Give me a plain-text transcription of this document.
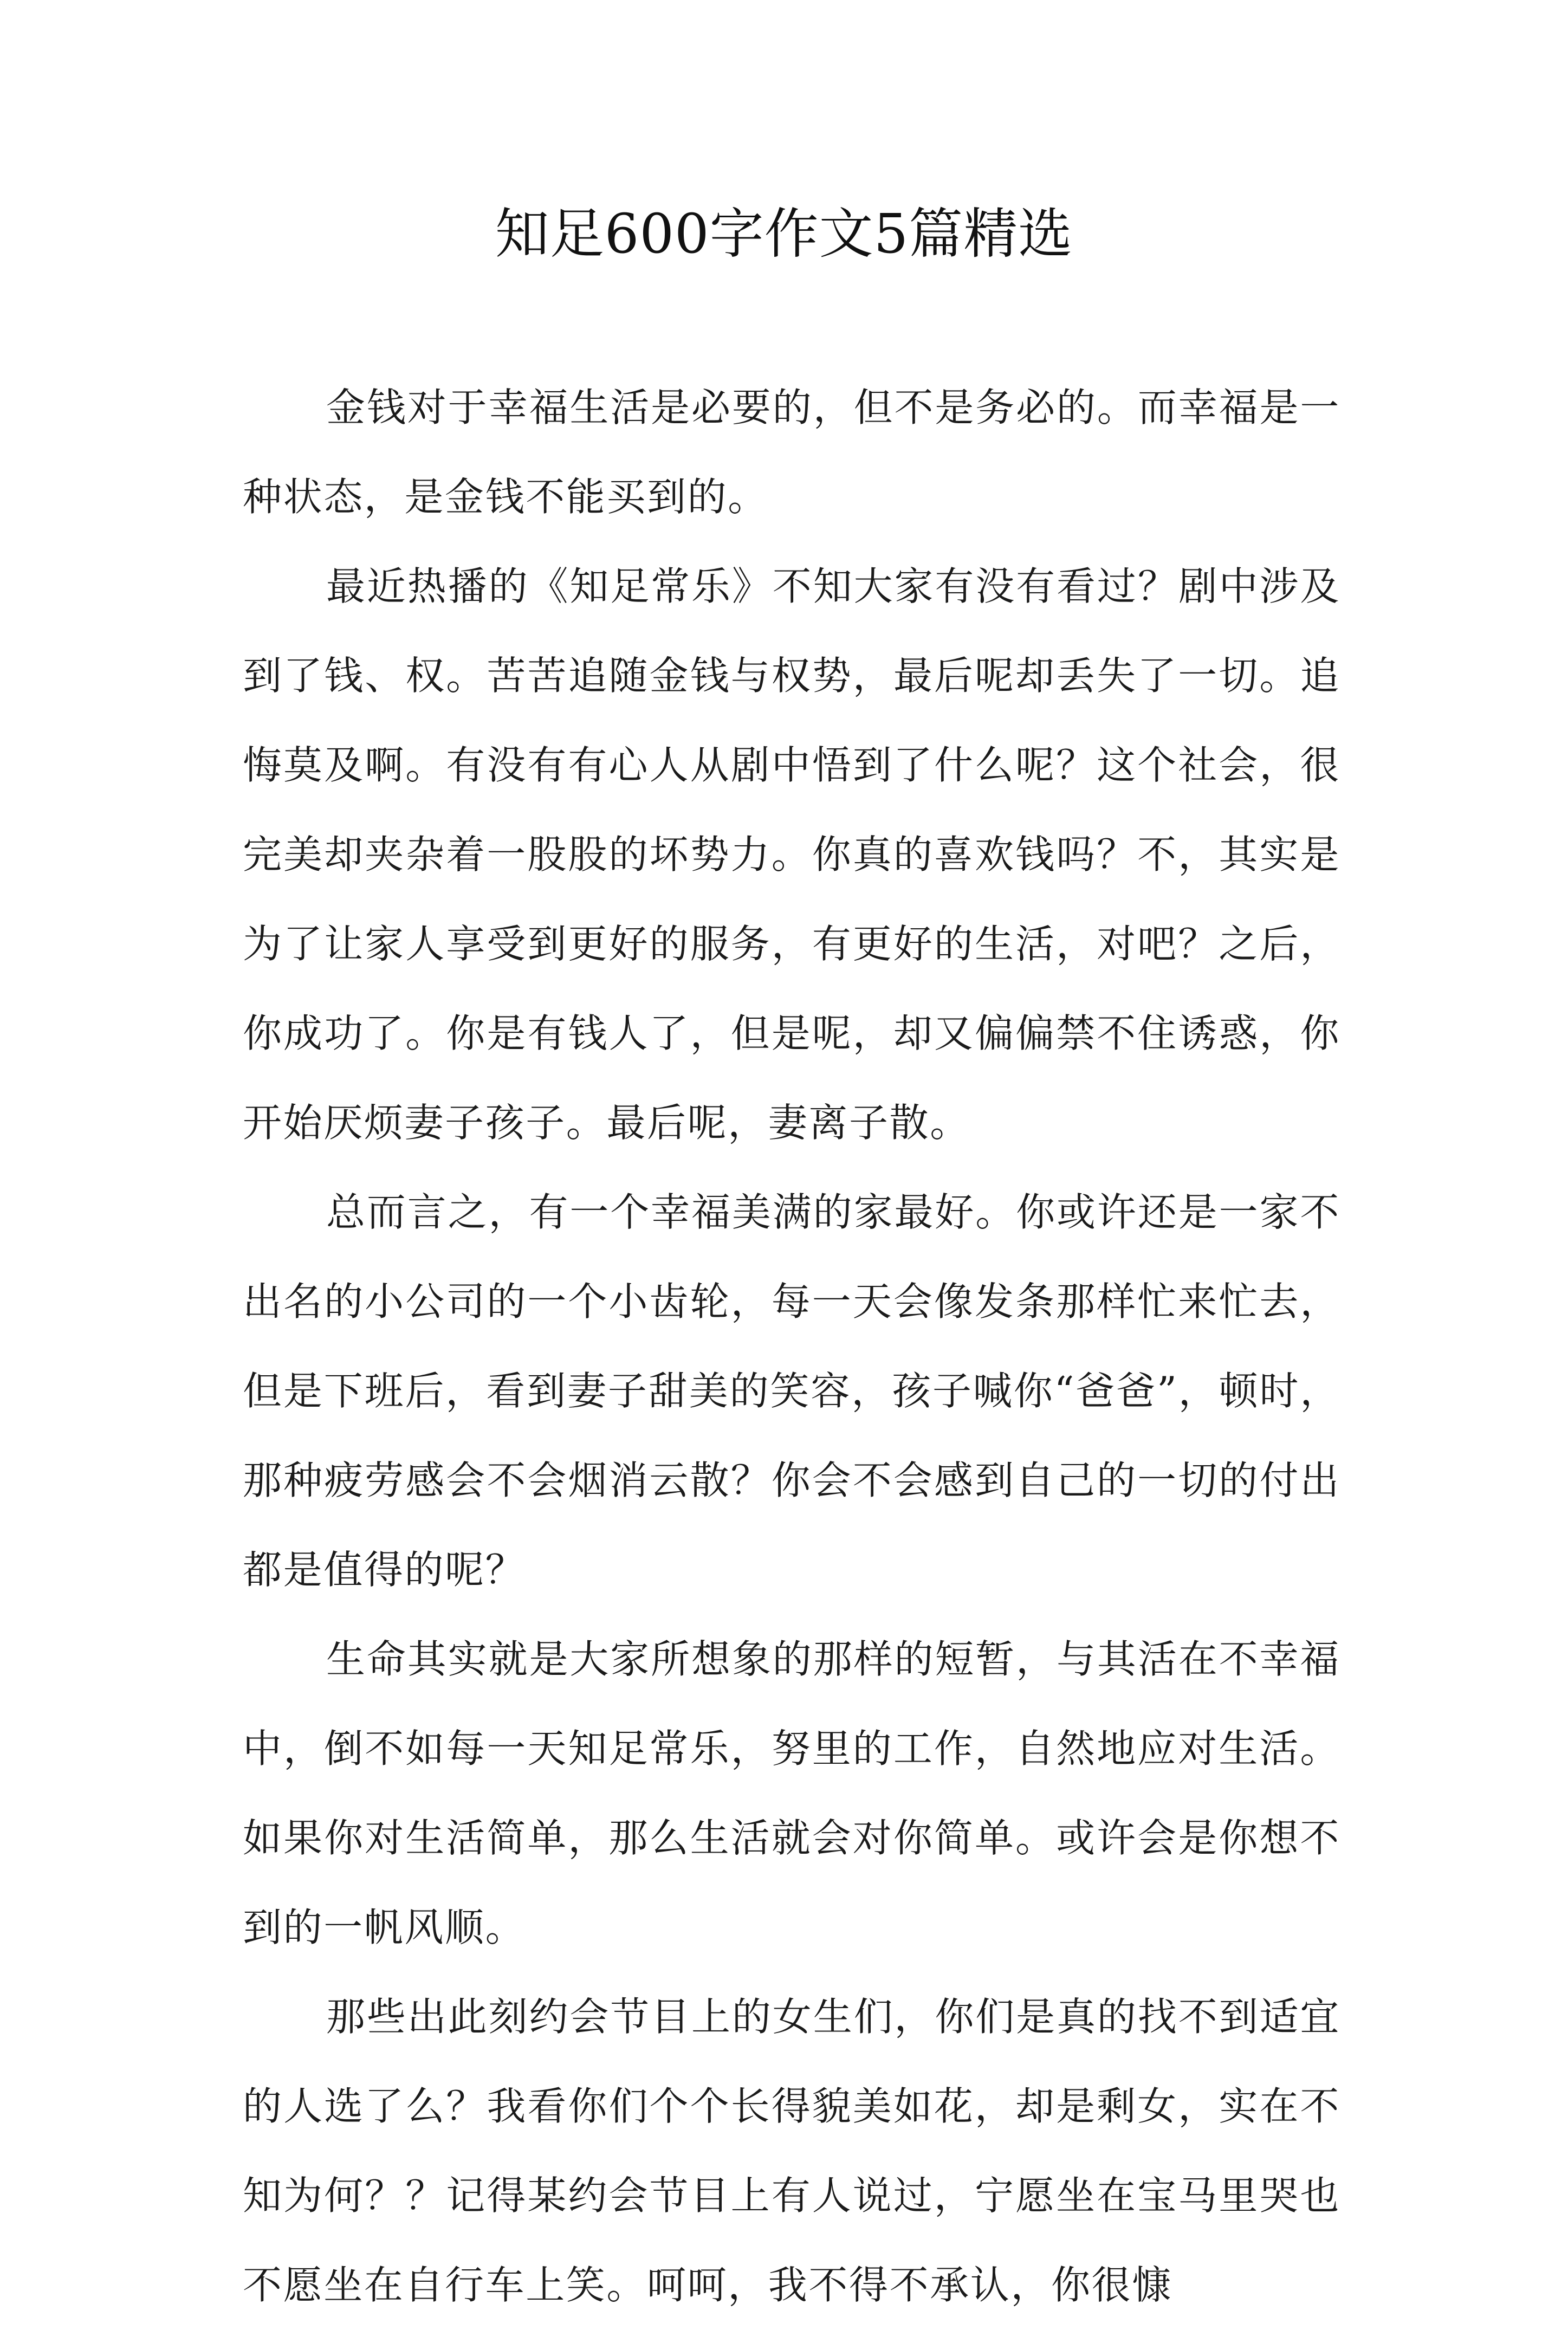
知足600字作文5篇精选

金钱对于幸福生活是必要的，但不是务必的。而幸福是一种状态，是金钱不能买到的。

最近热播的《知足常乐》不知大家有没有看过？剧中涉及到了钱、权。苦苦追随金钱与权势，最后呢却丢失了一切。追悔莫及啊。有没有有心人从剧中悟到了什么呢？这个社会，很完美却夹杂着一股股的坏势力。你真的喜欢钱吗？不，其实是为了让家人享受到更好的服务，有更好的生活，对吧？之后，你成功了。你是有钱人了，但是呢，却又偏偏禁不住诱惑，你开始厌烦妻子孩子。最后呢，妻离子散。

总而言之，有一个幸福美满的家最好。你或许还是一家不出名的小公司的一个小齿轮，每一天会像发条那样忙来忙去，但是下班后，看到妻子甜美的笑容，孩子喊你“爸爸”，顿时，那种疲劳感会不会烟消云散？你会不会感到自己的一切的付出都是值得的呢？

生命其实就是大家所想象的那样的短暂，与其活在不幸福中，倒不如每一天知足常乐，努里的工作，自然地应对生活。如果你对生活简单，那么生活就会对你简单。或许会是你想不到的一帆风顺。

那些出此刻约会节目上的女生们，你们是真的找不到适宜的人选了么？我看你们个个长得貌美如花，却是剩女，实在不知为何？？记得某约会节目上有人说过，宁愿坐在宝马里哭也不愿坐在自行车上笑。呵呵，我不得不承认，你很慷
